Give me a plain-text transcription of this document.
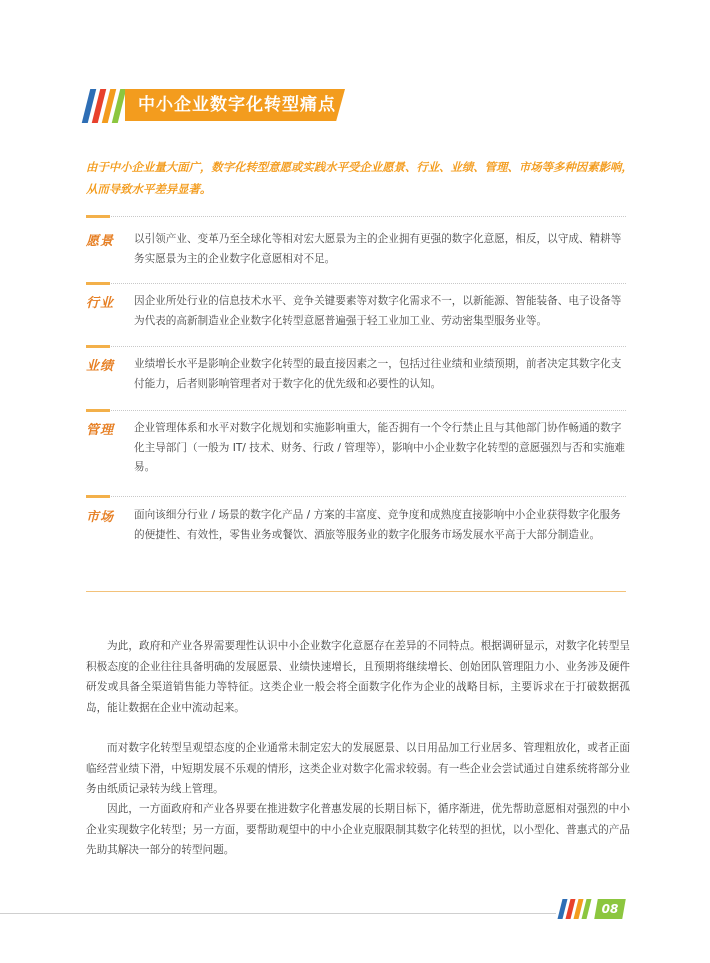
中小企业数字化转型痛点
由于中小企业量大面广，数字化转型意愿或实践水平受企业愿景、行业、业绩、管理、市场等多种因素影响，从而导致水平差异显著。
愿景 以引领产业、变革乃至全球化等相对宏大愿景为主的企业拥有更强的数字化意愿，相反，以守成、精耕等务实愿景为主的企业数字化意愿相对不足。
行业 因企业所处行业的信息技术水平、竞争关键要素等对数字化需求不一，以新能源、智能装备、电子设备等为代表的高新制造业企业数字化转型意愿普遍强于轻工业加工业、劳动密集型服务业等。
业绩 业绩增长水平是影响企业数字化转型的最直接因素之一，包括过往业绩和业绩预期，前者决定其数字化支付能力，后者则影响管理者对于数字化的优先级和必要性的认知。
管理 企业管理体系和水平对数字化规划和实施影响重大，能否拥有一个令行禁止且与其他部门协作畅通的数字化主导部门（一般为 IT/ 技术、财务、行政 / 管理等），影响中小企业数字化转型的意愿强烈与否和实施难易。
市场 面向该细分行业 / 场景的数字化产品 / 方案的丰富度、竞争度和成熟度直接影响中小企业获得数字化服务的便捷性、有效性，零售业务或餐饮、酒旅等服务业的数字化服务市场发展水平高于大部分制造业。
为此，政府和产业各界需要理性认识中小企业数字化意愿存在差异的不同特点。根据调研显示，对数字化转型呈积极态度的企业往往具备明确的发展愿景、业绩快速增长，且预期将继续增长、创始团队管理阻力小、业务涉及硬件研发或具备全渠道销售能力等特征。这类企业一般会将全面数字化作为企业的战略目标，主要诉求在于打破数据孤岛，能让数据在企业中流动起来。
而对数字化转型呈观望态度的企业通常未制定宏大的发展愿景、以日用品加工行业居多、管理粗放化，或者正面临经营业绩下滑，中短期发展不乐观的情形，这类企业对数字化需求较弱。有一些企业会尝试通过自建系统将部分业务由纸质记录转为线上管理。
因此，一方面政府和产业各界要在推进数字化普惠发展的长期目标下，循序渐进，优先帮助意愿相对强烈的中小企业实现数字化转型；另一方面，要帮助观望中的中小企业克服限制其数字化转型的担忧，以小型化、普惠式的产品先助其解决一部分的转型问题。
08
